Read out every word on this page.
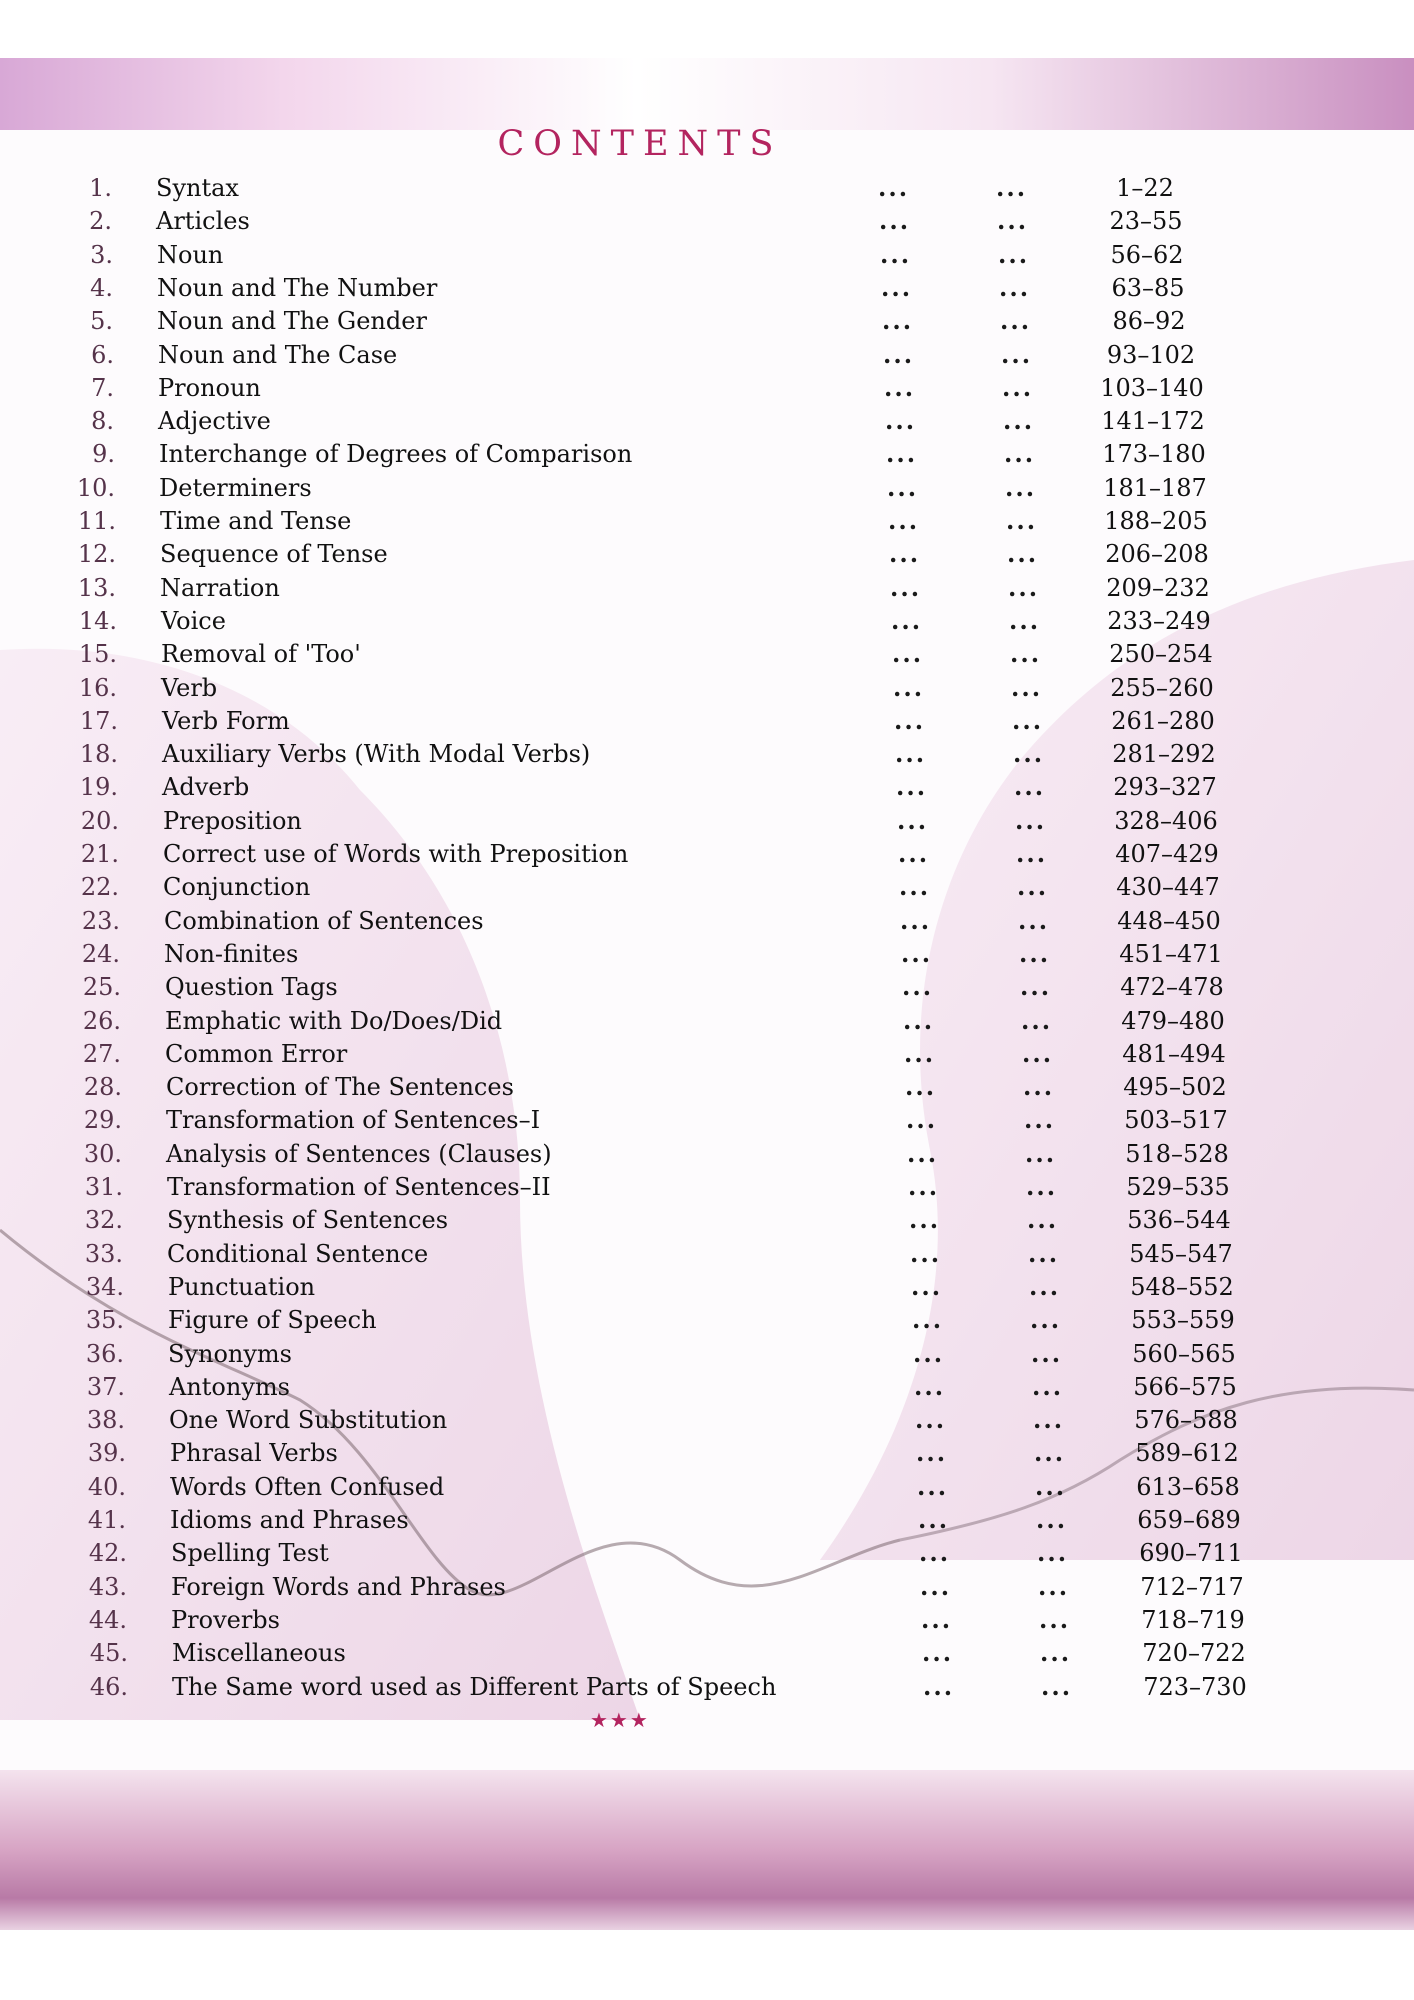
CONTENTS
1. Syntax	...	...	1–22
2. Articles	...	...	23–55
3. Noun	...	...	56–62
4. Noun and The Number	...	...	63–85
5. Noun and The Gender	...	...	86–92
6. Noun and The Case	...	...	93–102
7. Pronoun	...	...	103–140
8. Adjective	...	...	141–172
9. Interchange of Degrees of Comparison	...	...	173–180
10. Determiners	...	...	181–187
11. Time and Tense	...	...	188–205
12. Sequence of Tense	...	...	206–208
13. Narration	...	...	209–232
14. Voice	...	...	233–249
15. Removal of 'Too'	...	...	250–254
16. Verb	...	...	255–260
17. Verb Form	...	...	261–280
18. Auxiliary Verbs (With Modal Verbs)	...	...	281–292
19. Adverb	...	...	293–327
20. Preposition	...	...	328–406
21. Correct use of Words with Preposition	...	...	407–429
22. Conjunction	...	...	430–447
23. Combination of Sentences	...	...	448–450
24. Non-finites	...	...	451–471
25. Question Tags	...	...	472–478
26. Emphatic with Do/Does/Did	...	...	479–480
27. Common Error	...	...	481–494
28. Correction of The Sentences	...	...	495–502
29. Transformation of Sentences–I	...	...	503–517
30. Analysis of Sentences (Clauses)	...	...	518–528
31. Transformation of Sentences–II	...	...	529–535
32. Synthesis of Sentences	...	...	536–544
33. Conditional Sentence	...	...	545–547
34. Punctuation	...	...	548–552
35. Figure of Speech	...	...	553–559
36. Synonyms	...	...	560–565
37. Antonyms	...	...	566–575
38. One Word Substitution	...	...	576–588
39. Phrasal Verbs	...	...	589–612
40. Words Often Confused	...	...	613–658
41. Idioms and Phrases	...	...	659–689
42. Spelling Test	...	...	690–711
43. Foreign Words and Phrases	...	...	712–717
44. Proverbs	...	...	718–719
45. Miscellaneous	...	...	720–722
46. The Same word used as Different Parts of Speech	...	...	723–730
★★★
